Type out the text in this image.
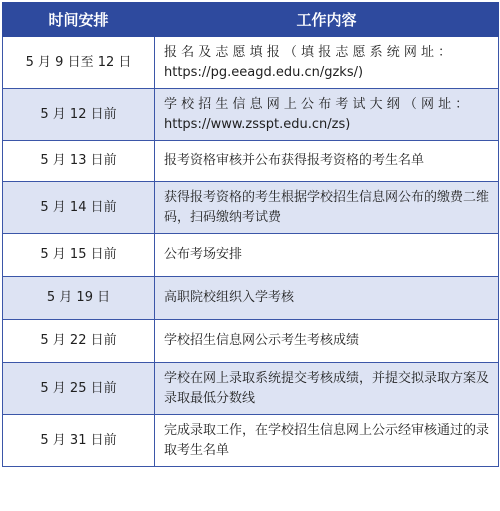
时间安排	工作内容
5 月 9 日至 12 日	报 名 及 志 愿 填 报 （ 填 报 志 愿 系 统 网 址 ： https://pg.eeagd.edu.cn/gzks/)
5 月 12 日前	学 校 招 生 信 息 网 上 公 布 考 试 大 纲 （ 网 址 ： https://www.zsspt.edu.cn/zs)
5 月 13 日前	报考资格审核并公布获得报考资格的考生名单
5 月 14 日前	获得报考资格的考生根据学校招生信息网公布的缴费二维码，扫码缴纳考试费
5 月 15 日前	公布考场安排
5 月 19 日	高职院校组织入学考核
5 月 22 日前	学校招生信息网公示考生考核成绩
5 月 25 日前	学校在网上录取系统提交考核成绩，并提交拟录取方案及录取最低分数线
5 月 31 日前	完成录取工作，在学校招生信息网上公示经审核通过的录取考生名单
